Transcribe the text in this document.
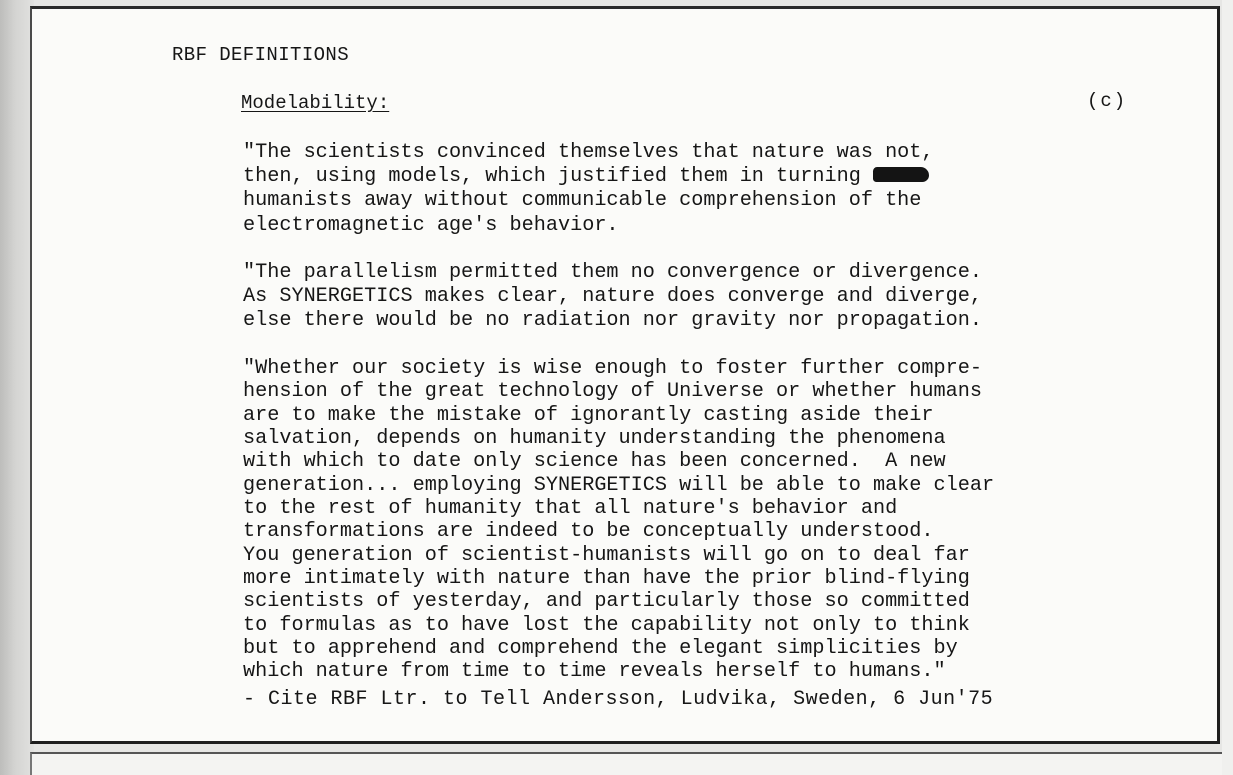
RBF DEFINITIONS
Modelability:	(c)
"The scientists convinced themselves that nature was not,
then, using models, which justified them in turning
humanists away without communicable comprehension of the
electromagnetic age's behavior.
"The parallelism permitted them no convergence or divergence.
As SYNERGETICS makes clear, nature does converge and diverge,
else there would be no radiation nor gravity nor propagation.
"Whether our society is wise enough to foster further compre-
hension of the great technology of Universe or whether humans
are to make the mistake of ignorantly casting aside their
salvation, depends on humanity understanding the phenomena
with which to date only science has been concerned.  A new
generation... employing SYNERGETICS will be able to make clear
to the rest of humanity that all nature's behavior and
transformations are indeed to be conceptually understood.
You generation of scientist-humanists will go on to deal far
more intimately with nature than have the prior blind-flying
scientists of yesterday, and particularly those so committed
to formulas as to have lost the capability not only to think
but to apprehend and comprehend the elegant simplicities by
which nature from time to time reveals herself to humans."
- Cite RBF Ltr. to Tell Andersson, Ludvika, Sweden, 6 Jun'75
